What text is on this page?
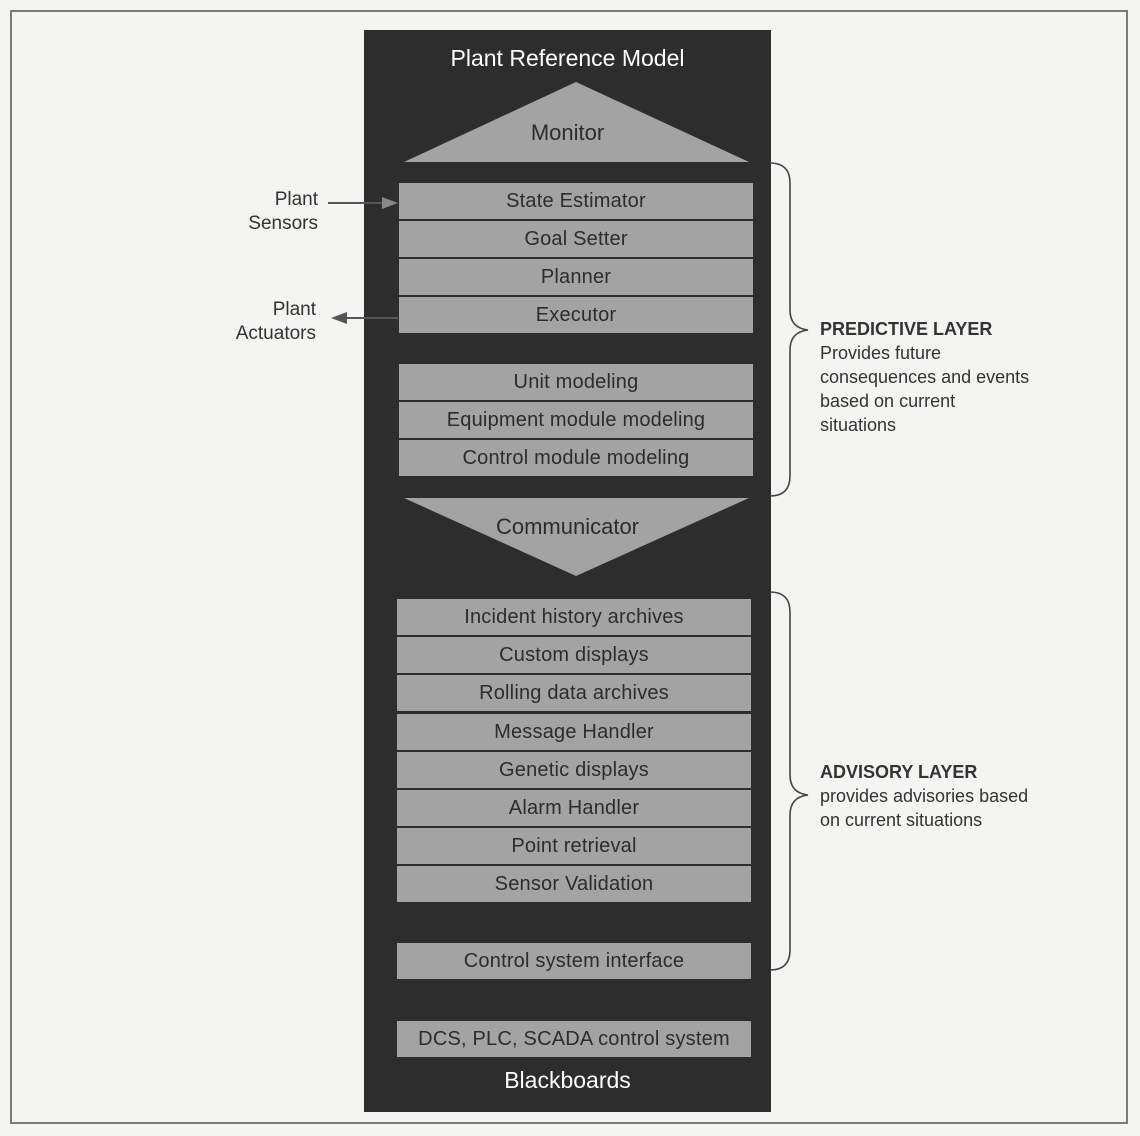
Plant Reference Model
Monitor
State Estimator
Goal Setter
Planner
Executor
Unit modeling
Equipment module modeling
Control module modeling
Communicator
Incident history archives
Custom displays
Rolling data archives
Message Handler
Genetic displays
Alarm Handler
Point retrieval
Sensor Validation
Control system interface
DCS, PLC, SCADA control system
Blackboards
Plant
Sensors
Plant
Actuators	PREDICTIVE LAYER
Provides future
consequences and events
based on current
situations
ADVISORY LAYER
provides advisories based
on current situations
